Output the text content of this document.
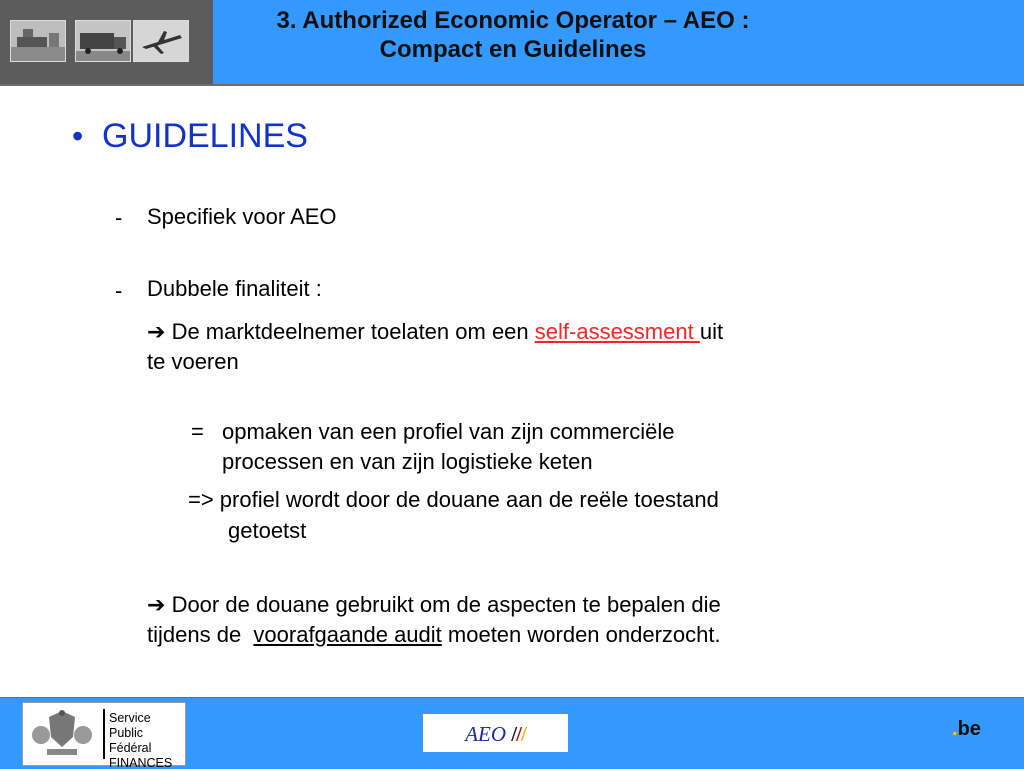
3. Authorized Economic Operator – AEO :
Compact en Guidelines
• GUIDELINES
- Specifiek voor AEO
- Dubbele finaliteit :
➔ De marktdeelnemer toelaten om een self-assessment uit
te voeren
= opmaken van een profiel van zijn commerciële
processen en van zijn logistieke keten
=> profiel wordt door de douane aan de reële toestand
getoetst
➔ Door de douane gebruikt om de aspecten te bepalen die
tijdens de  voorafgaande audit moeten worden onderzocht.
Service Public
Fédéral
FINANCES
AEO ///	.be
